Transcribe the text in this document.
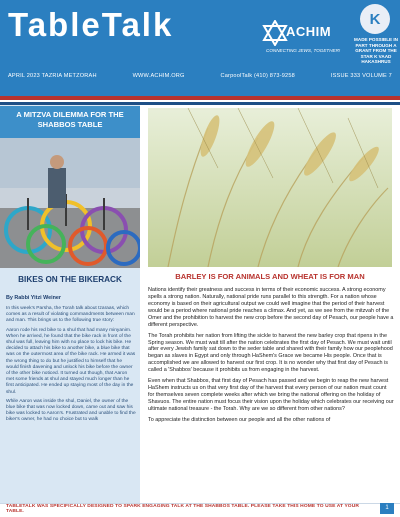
TableTalk	ACHIM
CONNECTING JEWS, TOGETHER!
K
MADE POSSIBLE IN PART THROUGH A GRANT FROM THE STAR K VAAD HAKASHRUS
APRIL 2023 TAZRIA METZORAH	WWW.ACHIM.ORG	CarpoolTalk (410) 873-9258	ISSUE 333 VOLUME 7
A MITZVA DILEMMA FOR THE SHABBOS TABLE
BIKES ON THE BIKERACK
By Rabbi Yitzi Weiner

In this week's Parsha, the Torah talk about tzaraas, which comes as a result of violating commandments between man and man. This brings us to the following true story:

Aaron rode his red bike to a shul that had many minyanim. When he arrived, he found that the bike rack in front of the shul was full, leaving him with no place to lock his bike. He decided to attach his bike to another bike, a blue bike that was on the outermost area of the bike rack. He armed it was the wrong thing to do but he justified to himself that he would finish davening and unlock his bike before the owner of the other bike noticed. It turned out though, that Aaron met some friends at shul and stayed much longer than he first anticipated. He ended up staying most of the day in the shul.

While Aaron was inside the shul, Daniel, the owner of the blue bike that was now locked down, came out and saw his bike was locked to Aaron's. Frustrated and unable to find the biker's owner, he had no choice but to walk

BARLEY IS FOR ANIMALS AND WHEAT IS FOR MAN

Nations identify their greatness and success in terms of their economic success. A strong economy spells a strong nation. Naturally, national pride runs parallel to this strength. For a nation whose economy is based on their agricultural output we could well imagine that the period of their harvest would be a period where national pride reaches a climax. And yet, as we see from the mitzvah of the Omer and the prohibition to harvest the new crop before the second day of Pesach, our people have a different perspective.

The Torah prohibits her nation from lifting the sickle to harvest the new barley crop that ripens in the Spring season. We must wait till after the nation celebrates the first day of Pesach. We must wait until after every Jewish family sat down to the seder table and shared with their family how our peoplehood began as slaves in Egypt and only through HaShem's Grace we became His people. Once that is accomplished we are allowed to harvest our first crop. It is no wonder why that first day of Pesach is called a 'Shabbos' because it prohibits us from engaging in the harvest.

Even when that Shabbos, that first day of Pesach has passed and we begin to reap the new harvest HaShem instructs us on that very first day of the harvest that every person of our nation must count for themselves seven complete weeks after which we bring the national offering on the holiday of Shavuos. The entire nation must focus their vision upon the holiday which celebrates our receiving our ultimate national treasure - the Torah. Why are we so different from other nations?

To appreciate the distinction between our people and all the other nations of

TABLETALK WAS SPECIFICALLY DESIGNED TO SPARK ENGAGING TALK AT THE SHABBOS TABLE. PLEASE TAKE THIS HOME TO USE AT YOUR TABLE.
1
